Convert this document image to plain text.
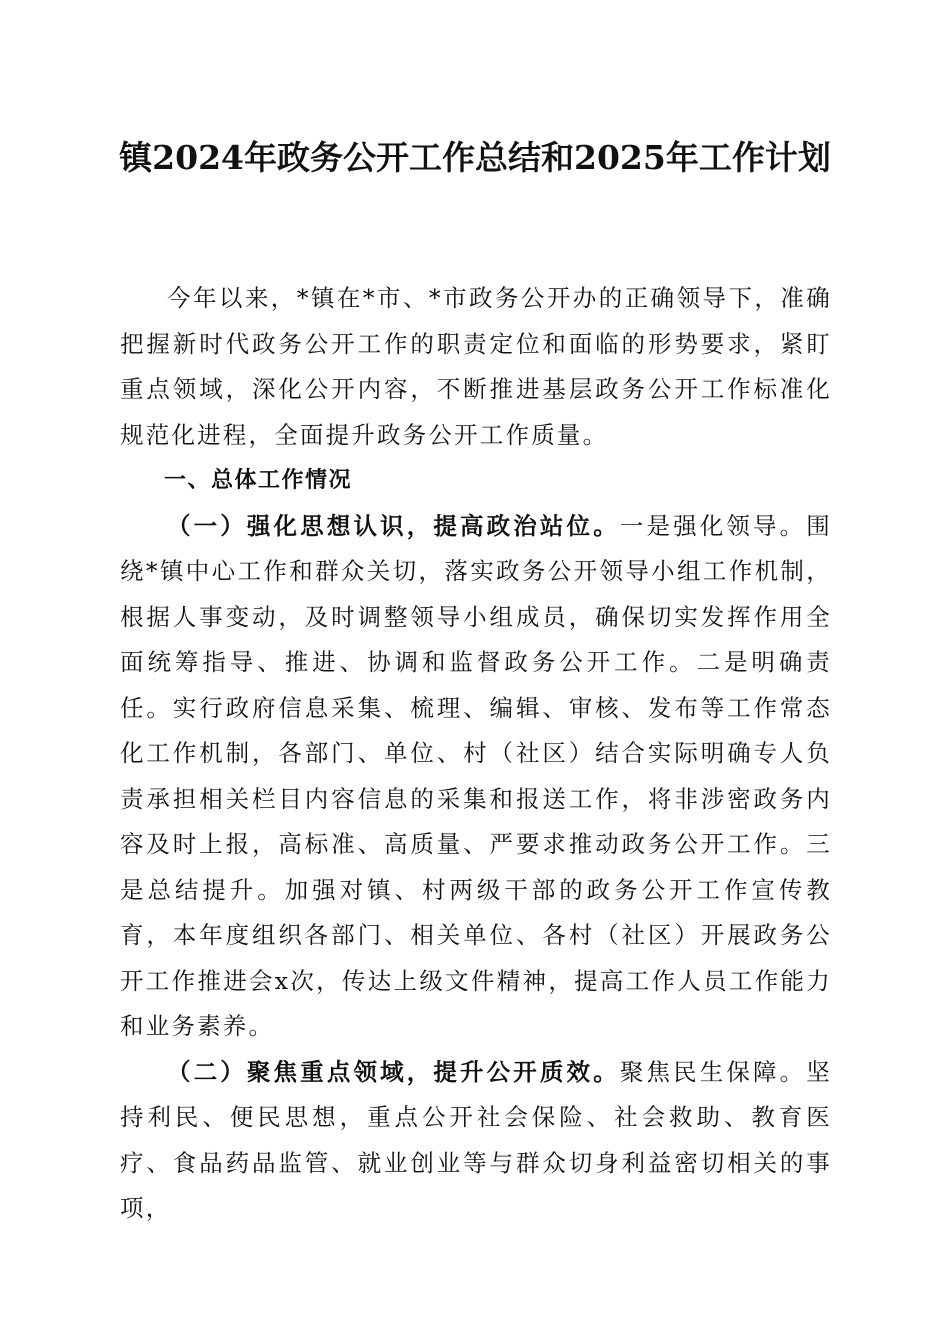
镇2024年政务公开工作总结和2025年工作计划

今年以来，*镇在*市、*市政务公开办的正确领导下，准确把握新时代政务公开工作的职责定位和面临的形势要求，紧盯重点领域，深化公开内容，不断推进基层政务公开工作标准化规范化进程，全面提升政务公开工作质量。

一、总体工作情况

（一）强化思想认识，提高政治站位。一是强化领导。围绕*镇中心工作和群众关切，落实政务公开领导小组工作机制，根据人事变动，及时调整领导小组成员，确保切实发挥作用全面统筹指导、推进、协调和监督政务公开工作。二是明确责任。实行政府信息采集、梳理、编辑、审核、发布等工作常态化工作机制，各部门、单位、村（社区）结合实际明确专人负责承担相关栏目内容信息的采集和报送工作，将非涉密政务内容及时上报，高标准、高质量、严要求推动政务公开工作。三是总结提升。加强对镇、村两级干部的政务公开工作宣传教育，本年度组织各部门、相关单位、各村（社区）开展政务公开工作推进会x次，传达上级文件精神，提高工作人员工作能力和业务素养。

（二）聚焦重点领域，提升公开质效。聚焦民生保障。坚持利民、便民思想，重点公开社会保险、社会救助、教育医疗、食品药品监管、就业创业等与群众切身利益密切相关的事项，
